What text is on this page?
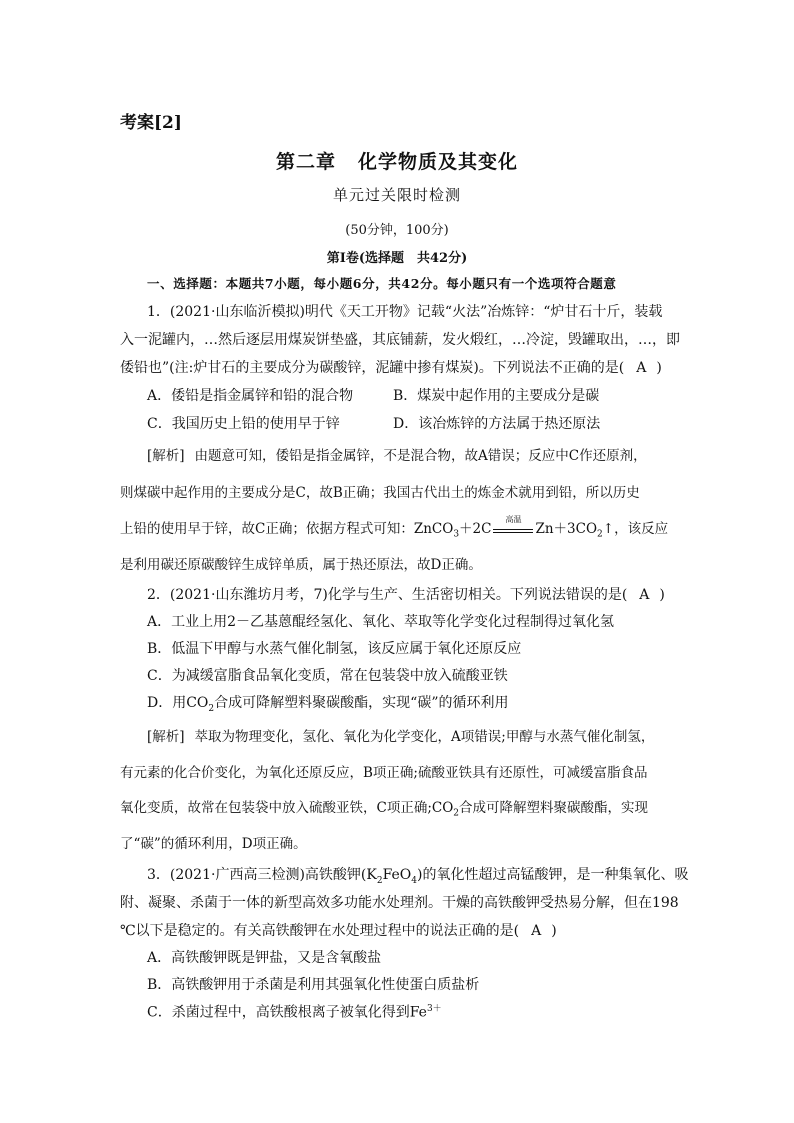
考案[2]
第二章 化学物质及其变化
单元过关限时检测
(50分钟，100分)
第Ⅰ卷(选择题　共42分)
一、选择题：本题共7小题，每小题6分，共42分。每小题只有一个选项符合题意
1．(2021·山东临沂模拟)明代《天工开物》记载“火法”冶炼锌：“炉甘石十斤，装载
入一泥罐内，…然后逐层用煤炭饼垫盛，其底铺薪，发火煅红，…冷淀，毁罐取出，…，即
倭铅也”(注:炉甘石的主要成分为碳酸锌，泥罐中掺有煤炭)。下列说法不正确的是( A )
A．倭铅是指金属锌和铅的混合物	B．煤炭中起作用的主要成分是碳
C．我国历史上铅的使用早于锌	D．该冶炼锌的方法属于热还原法
[解析] 由题意可知，倭铅是指金属锌，不是混合物，故A错误；反应中C作还原剂，
则煤碳中起作用的主要成分是C，故B正确；我国古代出土的炼金术就用到铅，所以历史
上铅的使用早于锌，故C正确；依据方程式可知：ZnCO$_3$＋2C
高温
$Zn+3CO_2↑$，该反应
是利用碳还原碳酸锌生成锌单质，属于热还原法，故D正确。
2．(2021·山东潍坊月考，7)化学与生产、生活密切相关。下列说法错误的是( A )
A．工业上用2－乙基蒽醌经氢化、氧化、萃取等化学变化过程制得过氧化氢
B．低温下甲醇与水蒸气催化制氢，该反应属于氧化还原反应
C．为减缓富脂食品氧化变质，常在包装袋中放入硫酸亚铁
D．用$CO_2$合成可降解塑料聚碳酸酯，实现“碳”的循环利用
[解析] 萃取为物理变化，氢化、氧化为化学变化，A项错误;甲醇与水蒸气催化制氢，
有元素的化合价变化，为氧化还原反应，B项正确;硫酸亚铁具有还原性，可减缓富脂食品
氧化变质，故常在包装袋中放入硫酸亚铁，C项正确$;CO_2$合成可降解塑料聚碳酸酯，实现
了“碳”的循环利用，D项正确。
3．(2021·广西高三检测)高铁酸钾$(K_2FeO_4)$的氧化性超过高锰酸钾，是一种集氧化、吸
附、凝聚、杀菌于一体的新型高效多功能水处理剂。干燥的高铁酸钾受热易分解，但在198
℃以下是稳定的。有关高铁酸钾在水处理过程中的说法正确的是( A )
A．高铁酸钾既是钾盐，又是含氧酸盐
B．高铁酸钾用于杀菌是利用其强氧化性使蛋白质盐析
C．杀菌过程中，高铁酸根离子被氧化得到$Fe^{3+}$
